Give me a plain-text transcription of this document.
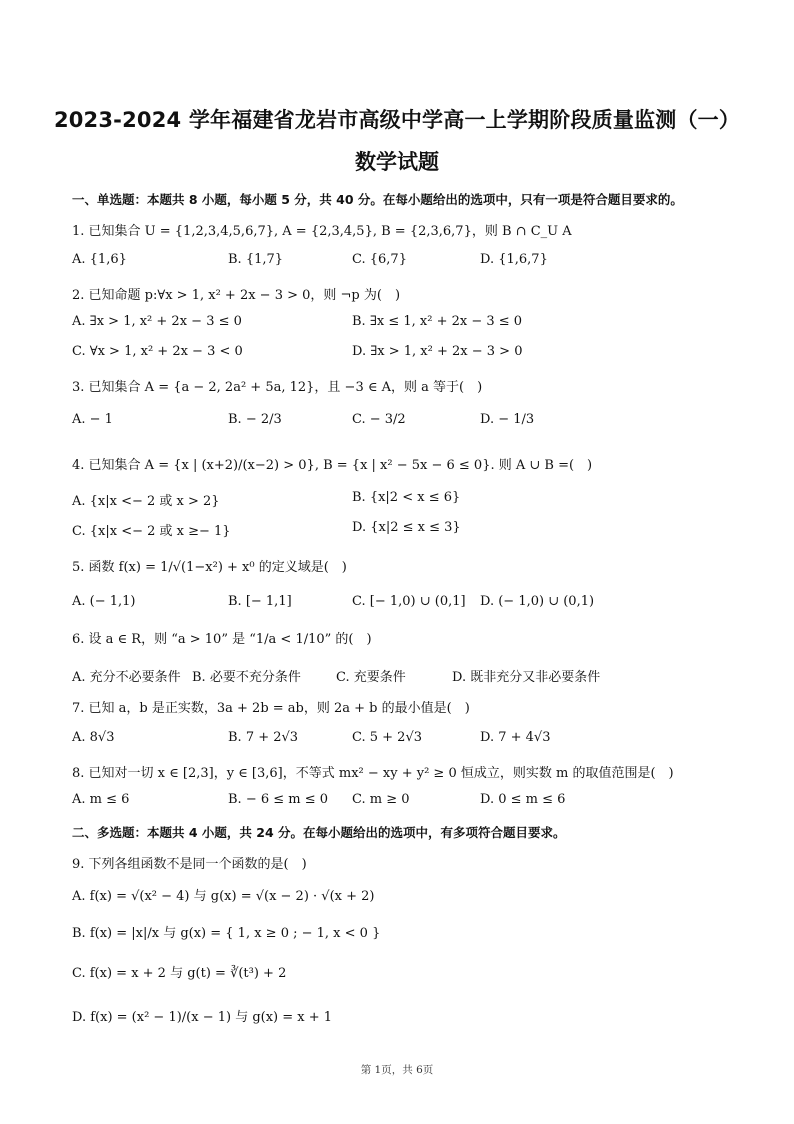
2023-2024 学年福建省龙岩市高级中学高一上学期阶段质量监测（一）
数学试题
一、单选题：本题共 8 小题，每小题 5 分，共 40 分。在每小题给出的选项中，只有一项是符合题目要求的。
1. 已知集合 U = {1,2,3,4,5,6,7}, A = {2,3,4,5}, B = {2,3,6,7}，则 B ∩ C_U A
A. {1,6}	B. {1,7}	C. {6,7}	D. {1,6,7}
2. 已知命题 p:∀x > 1, x² + 2x − 3 > 0，则 ¬p 为(　)
A. ∃x > 1, x² + 2x − 3 ≤ 0	B. ∃x ≤ 1, x² + 2x − 3 ≤ 0
C. ∀x > 1, x² + 2x − 3 < 0	D. ∃x > 1, x² + 2x − 3 > 0
3. 已知集合 A = {a − 2, 2a² + 5a, 12}，且 −3 ∈ A，则 a 等于(　)
A. − 1	B. − 2/3	C. − 3/2	D. − 1/3
4. 已知集合 A = {x | (x+2)/(x−2) > 0}, B = {x | x² − 5x − 6 ≤ 0}. 则 A ∪ B =(　)
A. {x|x <− 2 或 x > 2}	B. {x|2 < x ≤ 6}
C. {x|x <− 2 或 x ≥− 1}	D. {x|2 ≤ x ≤ 3}
5. 函数 f(x) = 1/√(1−x²) + x⁰ 的定义域是(　)
A. (− 1,1)	B. [− 1,1]	C. [− 1,0) ∪ (0,1] D. (− 1,0) ∪ (0,1)
6. 设 a ∈ R，则 “a > 10” 是 “1/a < 1/10” 的(　)
A. 充分不必要条件 B. 必要不充分条件	C. 充要条件	D. 既非充分又非必要条件
7. 已知 a，b 是正实数，3a + 2b = ab，则 2a + b 的最小值是(　)
A. 8√3	B. 7 + 2√3	C. 5 + 2√3	D. 7 + 4√3
8. 已知对一切 x ∈ [2,3]，y ∈ [3,6]，不等式 mx² − xy + y² ≥ 0 恒成立，则实数 m 的取值范围是(　)
A. m ≤ 6	B. − 6 ≤ m ≤ 0 C. m ≥ 0	D. 0 ≤ m ≤ 6
二、多选题：本题共 4 小题，共 24 分。在每小题给出的选项中，有多项符合题目要求。
9. 下列各组函数不是同一个函数的是(　)
A. f(x) = √(x² − 4) 与 g(x) = √(x − 2) · √(x + 2)
B. f(x) = |x|/x 与 g(x) = { 1, x ≥ 0 ; − 1, x < 0 }
C. f(x) = x + 2 与 g(t) = ∛(t³) + 2
D. f(x) = (x² − 1)/(x − 1) 与 g(x) = x + 1
第 1页，共 6页
